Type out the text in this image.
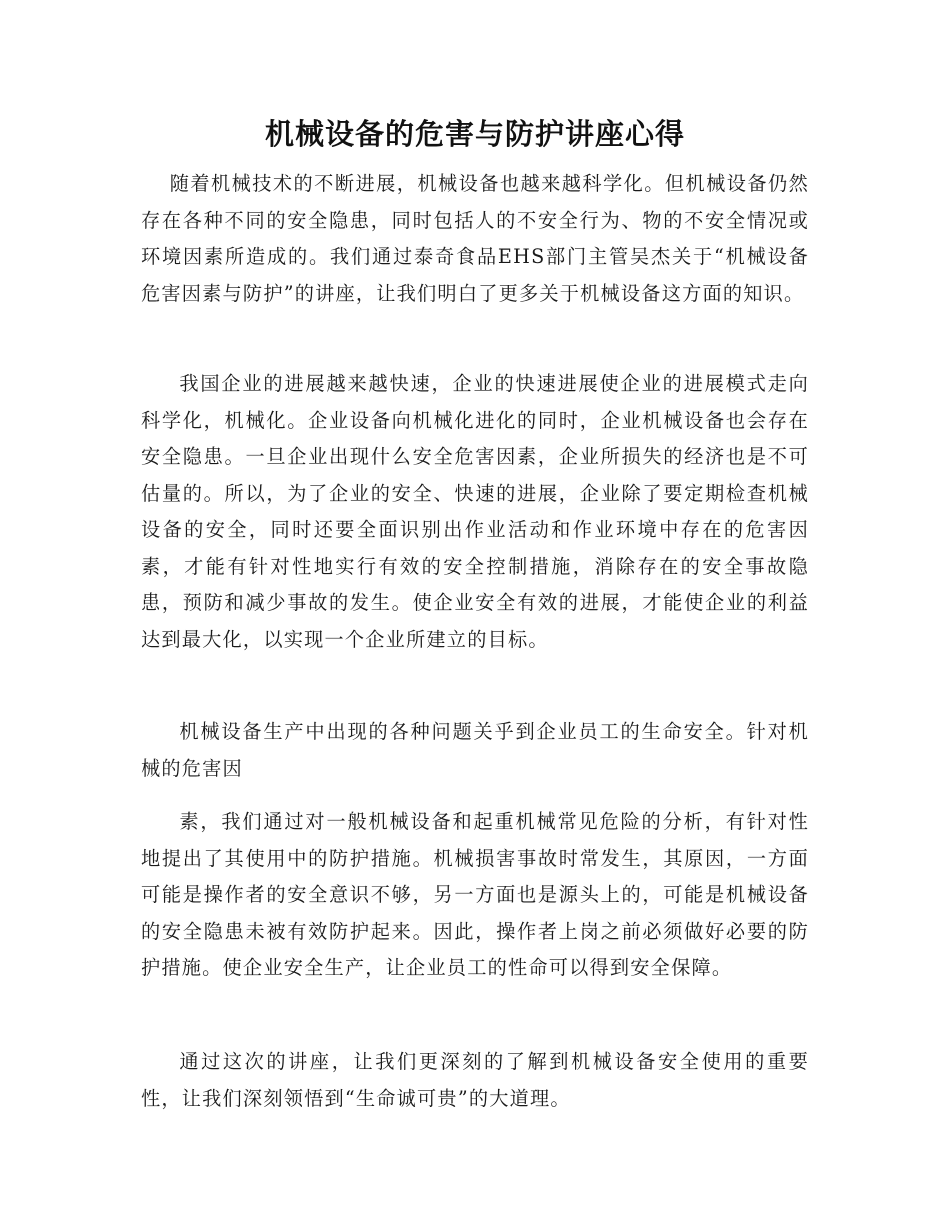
机械设备的危害与防护讲座心得

随着机械技术的不断进展，机械设备也越来越科学化。但机械设备仍然存在各种不同的安全隐患，同时包括人的不安全行为、物的不安全情况或环境因素所造成的。我们通过泰奇食品EHS部门主管吴杰关于“机械设备危害因素与防护”的讲座，让我们明白了更多关于机械设备这方面的知识。

我国企业的进展越来越快速，企业的快速进展使企业的进展模式走向科学化，机械化。企业设备向机械化进化的同时，企业机械设备也会存在安全隐患。一旦企业出现什么安全危害因素，企业所损失的经济也是不可估量的。所以，为了企业的安全、快速的进展，企业除了要定期检查机械设备的安全，同时还要全面识别出作业活动和作业环境中存在的危害因素，才能有针对性地实行有效的安全控制措施，消除存在的安全事故隐患，预防和减少事故的发生。使企业安全有效的进展，才能使企业的利益达到最大化，以实现一个企业所建立的目标。

机械设备生产中出现的各种问题关乎到企业员工的生命安全。针对机械的危害因

素，我们通过对一般机械设备和起重机械常见危险的分析，有针对性地提出了其使用中的防护措施。机械损害事故时常发生，其原因，一方面可能是操作者的安全意识不够，另一方面也是源头上的，可能是机械设备的安全隐患未被有效防护起来。因此，操作者上岗之前必须做好必要的防护措施。使企业安全生产，让企业员工的性命可以得到安全保障。

通过这次的讲座，让我们更深刻的了解到机械设备安全使用的重要性，让我们深刻领悟到“生命诚可贵”的大道理。
